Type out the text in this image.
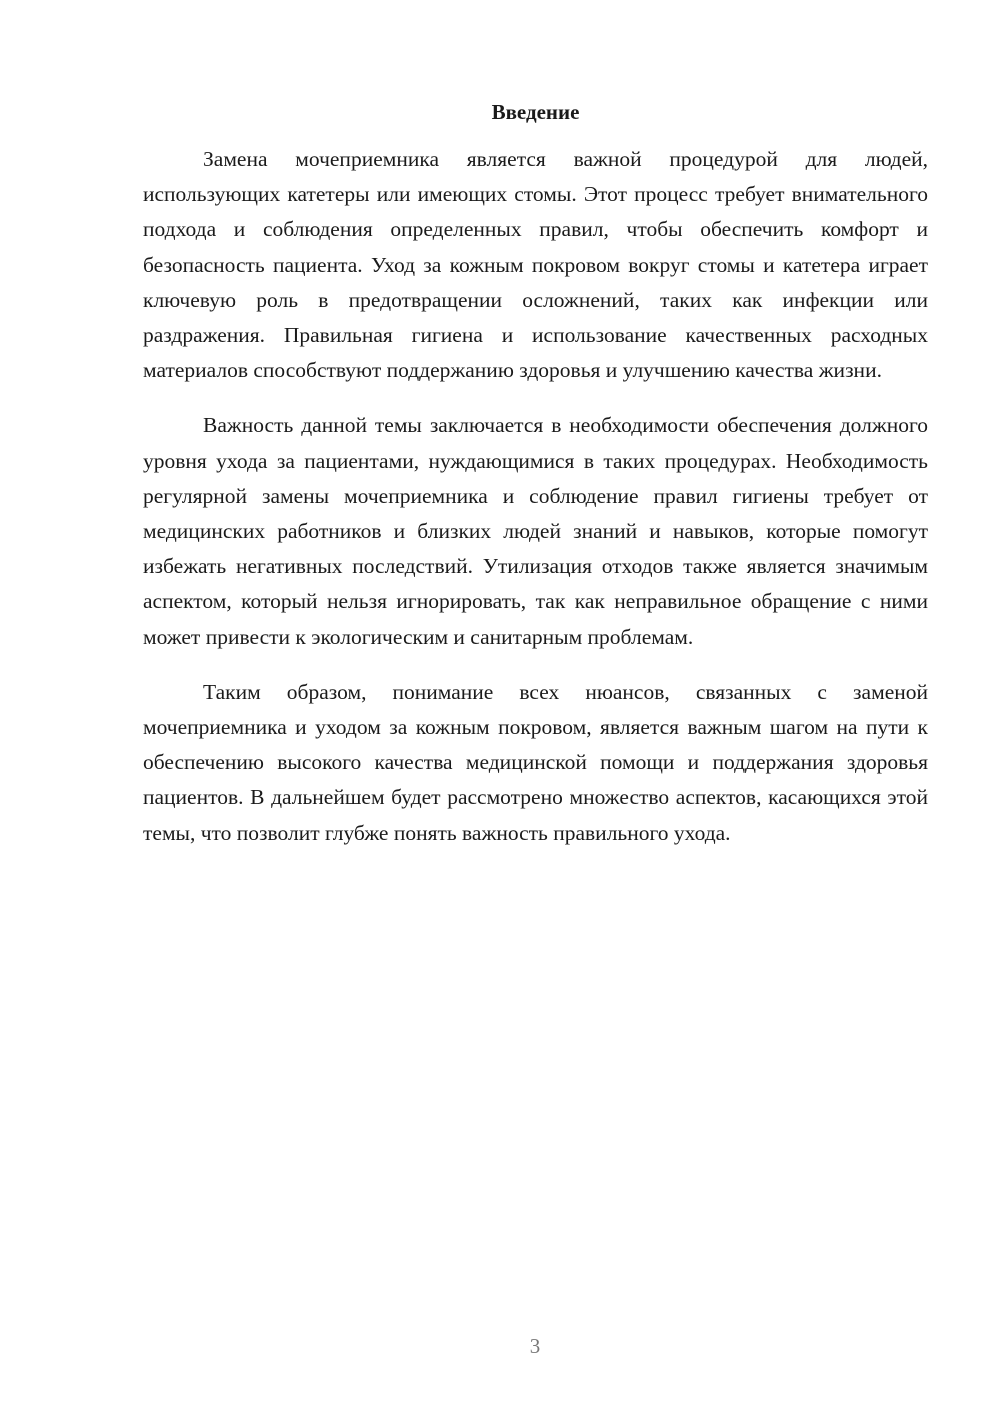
Введение

Замена мочеприемника является важной процедурой для людей, использующих катетеры или имеющих стомы. Этот процесс требует внимательного подхода и соблюдения определенных правил, чтобы обеспечить комфорт и безопасность пациента. Уход за кожным покровом вокруг стомы и катетера играет ключевую роль в предотвращении осложнений, таких как инфекции или раздражения. Правильная гигиена и использование качественных расходных материалов способствуют поддержанию здоровья и улучшению качества жизни.

Важность данной темы заключается в необходимости обеспечения должного уровня ухода за пациентами, нуждающимися в таких процедурах. Необходимость регулярной замены мочеприемника и соблюдение правил гигиены требует от медицинских работников и близких людей знаний и навыков, которые помогут избежать негативных последствий. Утилизация отходов также является значимым аспектом, который нельзя игнорировать, так как неправильное обращение с ними может привести к экологическим и санитарным проблемам.

Таким образом, понимание всех нюансов, связанных с заменой мочеприемника и уходом за кожным покровом, является важным шагом на пути к обеспечению высокого качества медицинской помощи и поддержания здоровья пациентов. В дальнейшем будет рассмотрено множество аспектов, касающихся этой темы, что позволит глубже понять важность правильного ухода.

3
